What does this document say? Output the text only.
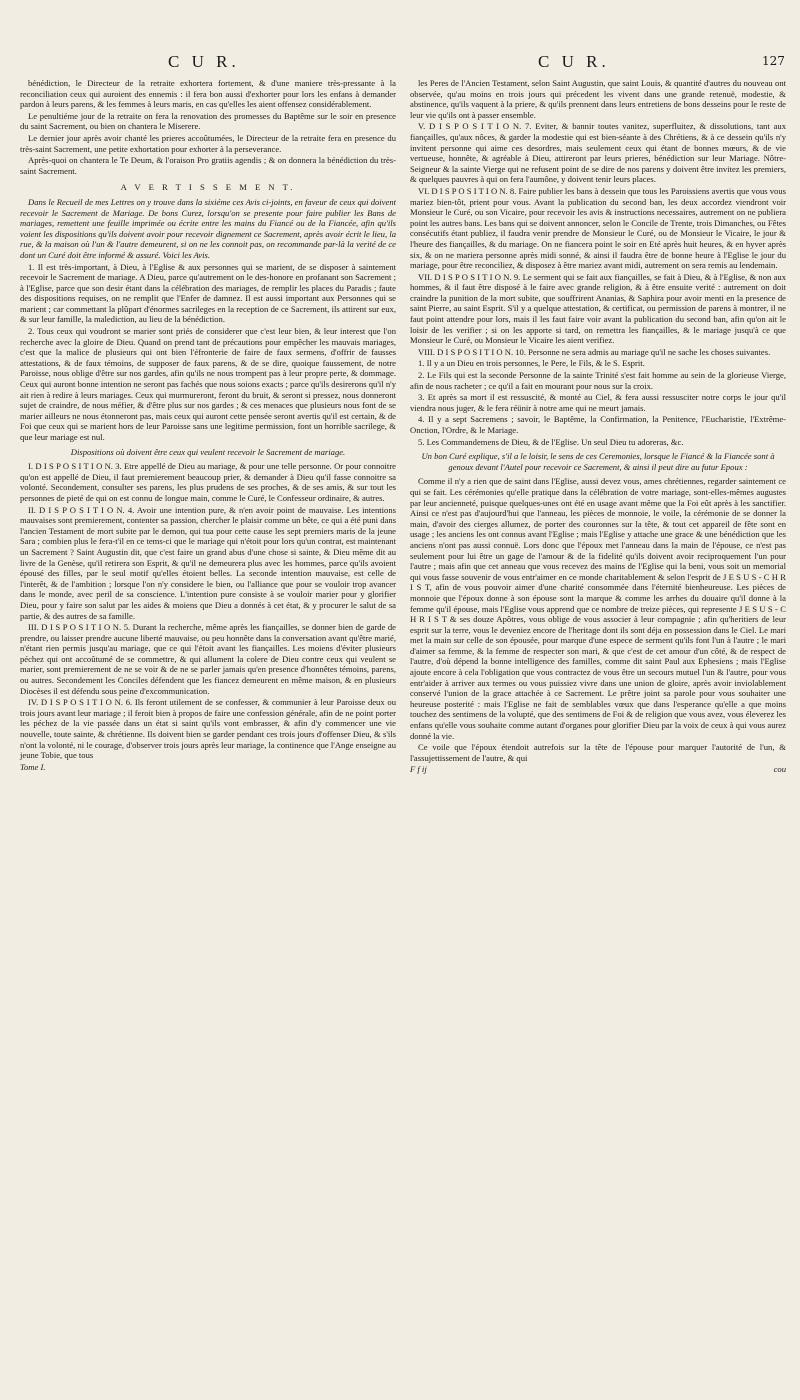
C U R.	C U R.	127

bénédiction, le Directeur de la retraite exhortera fortement, & d'une maniere très-pressante à la reconciliation ceux qui auroient des ennemis : il fera bon aussi d'exhorter pour lors les enfans à demander pardon à leurs parens, & les femmes à leurs maris, en cas qu'elles les aient offensez considérablement.

Le penultiéme jour de la retraite on fera la renovation des promesses du Baptême sur le soir en presence du saint Sacrement, ou bien on chantera le Miserere.

Le dernier jour après avoir chanté les prieres accoûtumées, le Directeur de la retraite fera en presence du très-saint Sacrement, une petite exhortation pour exhorter à la perseverance.

Après-quoi on chantera le Te Deum, & l'oraison Pro gratiis agendis ; & on donnera la bénédiction du très-saint Sacrement.

A V E R T I S S E M E N T.

Dans le Recueil de mes Lettres on y trouve dans la sixiéme ces Avis ci-joints, en faveur de ceux qui doivent recevoir le Sacrement de Mariage. De bons Curez, lorsqu'on se presente pour faire publier les Bans de mariages, remettent une feuille imprimée ou écrite entre les mains du Fiancé ou de la Fiancée, afin qu'ils voient les dispositions qu'ils doivent avoir pour recevoir dignement ce Sacrement, après avoir écrit le lieu, la rue, & la maison où l'un & l'autre demeurent, si on ne les connoit pas, on recommande par-là la verité de ce dont un Curé doit être informé & assuré. Voici les Avis.

1. Il est très-important, à Dieu, à l'Eglise & aux personnes qui se marient, de se disposer à saintement recevoir le Sacrement de mariage. A Dieu, parce qu'autrement on le des-honore en profanant son Sacrement ; à l'Eglise, parce que son desir étant dans la célébration des mariages, de remplir les places du Paradis ; faute des dispositions requises, on ne remplit que l'Enfer de damnez. Il est aussi important aux Personnes qui se marient ; car commettant la plûpart d'énormes sacrileges en la reception de ce Sacrement, ils attirent sur eux, & sur leur famille, la malediction, au lieu de la bénédiction.

2. Tous ceux qui voudront se marier sont priés de considerer que c'est leur bien, & leur interest que l'on recherche avec la gloire de Dieu. Quand on prend tant de précautions pour empêcher les mauvais mariages, c'est que la malice de plusieurs qui ont bien l'éfronterie de faire de faux sermens, d'offrir de fausses attestations, & de faux témoins, de supposer de faux parens, & de se dire, quoique faussement, de notre Paroisse, nous oblige d'être sur nos gardes, afin qu'ils ne nous trompent pas à leur propre perte, & dommage. Ceux qui auront bonne intention ne seront pas fachés que nous soions exacts ; parce qu'ils desirerons qu'il n'y ait rien à redire à leurs mariages. Ceux qui murmureront, feront du bruit, & seront si pressez, nous donneront sujet de craindre, de nous méfier, & d'être plus sur nos gardes ; & ces menaces que plusieurs nous font de se marier ailleurs ne nous étonneront pas, mais ceux qui auront cette pensée seront avertis qu'il est certain, & de Foi que ceux qui se marient hors de leur Paroisse sans une legitime permission, font un horrible sacrilege, & que leur mariage est nul.

Dispositions où doivent être ceux qui veulent recevoir le Sacrement de mariage.

I. D I S P O S I T I O N. 3. Etre appellé de Dieu au mariage, & pour une telle personne. Or pour connoitre qu'on est appellé de Dieu, il faut premierement beaucoup prier, & demander à Dieu qu'il fasse connoitre sa volonté. Secondement, consulter ses parens, les plus prudens de ses proches, & de ses amis, & sur tout les personnes de pieté de qui on est connu de longue main, comme le Curé, le Confesseur ordinaire, & autres.

II. D I S P O S I T I O N. 4. Avoir une intention pure, & n'en avoir point de mauvaise. Les intentions mauvaises sont premierement, contenter sa passion, chercher le plaisir comme un bête, ce qui a été puni dans l'ancien Testament de mort subite par le demon, qui tua pour cette cause les sept premiers maris de la jeune Sara ; combien plus le fera-t'il en ce tems-ci que le mariage qui n'étoit pour lors qu'un contrat, est maintenant un Sacrement ? Saint Augustin dit, que c'est faire un grand abus d'une chose si sainte, & Dieu même dit au livre de la Genèse, qu'il retirera son Esprit, & qu'il ne demeurera plus avec les hommes, parce qu'ils avoient épousé des filles, par le seul motif qu'elles étoient belles. La seconde intention mauvaise, est celle de l'interêt, & de l'ambition ; lorsque l'on n'y considere le bien, ou l'alliance que pour se vouloir trop avancer dans le monde, avec peril de sa conscience. L'intention pure consiste à se vouloir marier pour y glorifier Dieu, pour y faire son salut par les aides & moiens que Dieu a donnés à cet état, & y procurer le salut de sa partie, & des autres de sa famille.

III. D I S P O S I T I O N. 5. Durant la recherche, même après les fiançailles, se donner bien de garde de prendre, ou laisser prendre aucune liberté mauvaise, ou peu honnête dans la conversation avant qu'être marié, n'étant rien permis jusqu'au mariage, que ce qui l'étoit avant les fiançailles. Les moiens d'éviter plusieurs péchez qui ont accoûtumé de se commettre, & qui allument la colere de Dieu contre ceux qui veulent se marier, sont premierement de ne se voir & de ne se parler jamais qu'en presence d'honnêtes témoins, parens, ou autres. Secondement les Conciles défendent que les fiancez demeurent en même maison, & en plusieurs Diocèses il est défendu sous peine d'excommunication.

IV. D I S P O S I T I O N. 6. Ils feront utilement de se confesser, & communier à leur Paroisse deux ou trois jours avant leur mariage ; il feroit bien à propos de faire une confession générale, afin de ne point porter les péchez de la vie passée dans un état si saint qu'ils vont embrasser, & afin d'y commencer une vie nouvelle, toute sainte, & chrétienne. Ils doivent bien se garder pendant ces trois jours d'offenser Dieu, & s'ils n'ont la volonté, ni le courage, d'observer trois jours après leur mariage, la continence que l'Ange enseigne au jeune Tobie, que tous

Tome I.

les Peres de l'Ancien Testament, selon Saint Augustin, que saint Louis, & quantité d'autres du nouveau ont observée, qu'au moins en trois jours qui précedent les vivent dans une grande retenuë, modestie, & abstinence, qu'ils vaquent à la priere, & qu'ils prennent dans leurs entretiens de bons desseins pour le reste de leur vie qu'ils ont à passer ensemble.

V. D I S P O S I T I O N. 7. Eviter, & bannir toutes vanitez, superfluitez, & dissolutions, tant aux fiançailles, qu'aux nôces, & garder la modestie qui est bien-séante à des Chrétiens, & à ce dessein qu'ils n'y invitent personne qui aime ces desordres, mais seulement ceux qui étant de bonnes mœurs, & de vie vertueuse, honnête, & agréable à Dieu, attireront par leurs prieres, bénédiction sur leur Mariage. Nôtre-Seigneur & la sainte Vierge qui ne refusent point de se dire de nos parens y doivent être invitez les premiers, & quelques pauvres à qui on fera l'aumône, y doivent tenir leurs places.

VI. D I S P O S I T I O N. 8. Faire publier les bans à dessein que tous les Paroissiens avertis que vous vous mariez bien-tôt, prient pour vous. Avant la publication du second ban, les deux accordez viendront voir Monsieur le Curé, ou son Vicaire, pour recevoir les avis & instructions necessaires, autrement on ne publiera point les autres bans. Les bans qui se doivent annoncer, selon le Concile de Trente, trois Dimanches, ou Fêtes consécutifs étant publiez, il faudra venir prendre de Monsieur le Curé, ou de Monsieur le Vicaire, le jour & l'heure des fiançailles, & du mariage. On ne fiancera point le soir en Eté après huit heures, & en hyver après six, & on ne mariera personne après midi sonné, & ainsi il faudra être de bonne heure à l'Eglise le jour du mariage, pour être reconciliez, & disposez à être mariez avant midi, autrement on sera remis au lendemain.

VII. D I S P O S I T I O N. 9. Le serment qui se fait aux fiançailles, se fait à Dieu, & à l'Eglise, & non aux hommes, & il faut être disposé à le faire avec grande religion, & à être ensuite verité : autrement on doit craindre la punition de la mort subite, que souffrirent Ananias, & Saphira pour avoir menti en la presence de saint Pierre, au saint Esprit. S'il y a quelque attestation, & certificat, ou permission de parens à montrer, il ne faut point attendre pour lors, mais il les faut faire voir avant la publication du second ban, afin qu'on ait le loisir de les verifier ; si on les apporte si tard, on remettra les fiançailles, & le mariage jusqu'à ce que Monsieur le Curé, ou Monsieur le Vicaire les aient verifiez.

VIII. D I S P O S I T I O N. 10. Personne ne sera admis au mariage qu'il ne sache les choses suivantes.

1. Il y a un Dieu en trois personnes, le Pere, le Fils, & le S. Esprit.

2. Le Fils qui est la seconde Personne de la sainte Trinité s'est fait homme au sein de la glorieuse Vierge, afin de nous racheter ; ce qu'il a fait en mourant pour nous sur la croix.

3. Et après sa mort il est ressuscité, & monté au Ciel, & fera aussi ressusciter notre corps le jour qu'il viendra nous juger, & le fera réünir à notre ame qui ne meurt jamais.

4. Il y a sept Sacremens ; savoir, le Baptême, la Confirmation, la Penitence, l'Eucharistie, l'Extrême-Onction, l'Ordre, & le Mariage.

5. Les Commandemens de Dieu, & de l'Eglise. Un seul Dieu tu adoreras, &c.

Un bon Curé explique, s'il a le loisir, le sens de ces Ceremonies, lorsque le Fiancé & la Fiancée sont à genoux devant l'Autel pour recevoir ce Sacrement, & ainsi il peut dire au futur Epoux :

Comme il n'y a rien que de saint dans l'Eglise, aussi devez vous, ames chrétiennes, regarder saintement ce qui se fait. Les cérémonies qu'elle pratique dans la célébration de votre mariage, sont-elles-mêmes augustes par leur ancienneté, puisque quelques-unes ont été en usage avant même que la Foi eût après à les sanctifier. Ainsi ce n'est pas d'aujourd'hui que l'anneau, les pièces de monnoie, le voile, la cérémonie de se donner la main, d'avoir des cierges allumez, de porter des couronnes sur la tête, & tout cet appareil de fête sont en usage ; les anciens les ont connus avant l'Eglise ; mais l'Eglise y attache une grace & une bénédiction que les anciens n'ont pas aussi connuë. Lors donc que l'époux met l'anneau dans la main de l'épouse, ce n'est pas seulement pour lui être un gage de l'amour & de la fidelité qu'ils doivent avoir reciproquement l'un pour l'autre ; mais afin que cet anneau que vous recevez des mains de l'Eglise qui la beni, vous soit un memorial qui vous fasse souvenir de vous entr'aimer en ce monde charitablement & selon l'esprit de J E S U S - C H R I S T, afin de vous pouvoir aimer d'une charité consommée dans l'éternité bienheureuse. Les pièces de monnoie que l'époux donne à son épouse sont la marque & comme les arrhes du douaire qu'il donne à la femme qu'il épouse, mais l'Eglise vous apprend que ce nombre de treize pièces, qui represente J E S U S - C H R I S T & ses douze Apôtres, vous oblige de vous associer à leur compagnie ; afin qu'heritiers de leur esprit sur la terre, vous le deveniez encore de l'heritage dont ils sont déja en possession dans le Ciel. Le mari met la main sur celle de son épousée, pour marque d'une espece de serment qu'ils font l'un à l'autre ; le mari d'aimer sa femme, & la femme de respecter son mari, & que c'est de cet amour d'un côté, & de respect de l'autre, d'où dépend la bonne intelligence des familles, comme dit saint Paul aux Ephesiens ; mais l'Eglise ajoute encore à cela l'obligation que vous contractez de vous être un secours mutuel l'un & l'autre, pour vous entr'aider à arriver aux termes ou vous puissiez vivre dans une union de gloire, après avoir inviolablement conservé l'union de la grace attachée à ce Sacrement. Le prêtre joint sa parole pour vous souhaiter une heureuse posterité : mais l'Eglise ne fait de semblables vœux que dans l'esperance qu'elle a que moins touchez des sentimens de la volupté, que des sentimens de Foi & de religion que vous avez, vous éleverez les enfans qu'elle vous souhaite comme autant d'organes pour glorifier Dieu par la voix de ceux à qui vous aurez donné la vie.

Ce voile que l'époux étendoit autrefois sur la tête de l'épouse pour marquer l'autorité de l'un, & l'assujettissement de l'autre, & qui

F f ij	cou
